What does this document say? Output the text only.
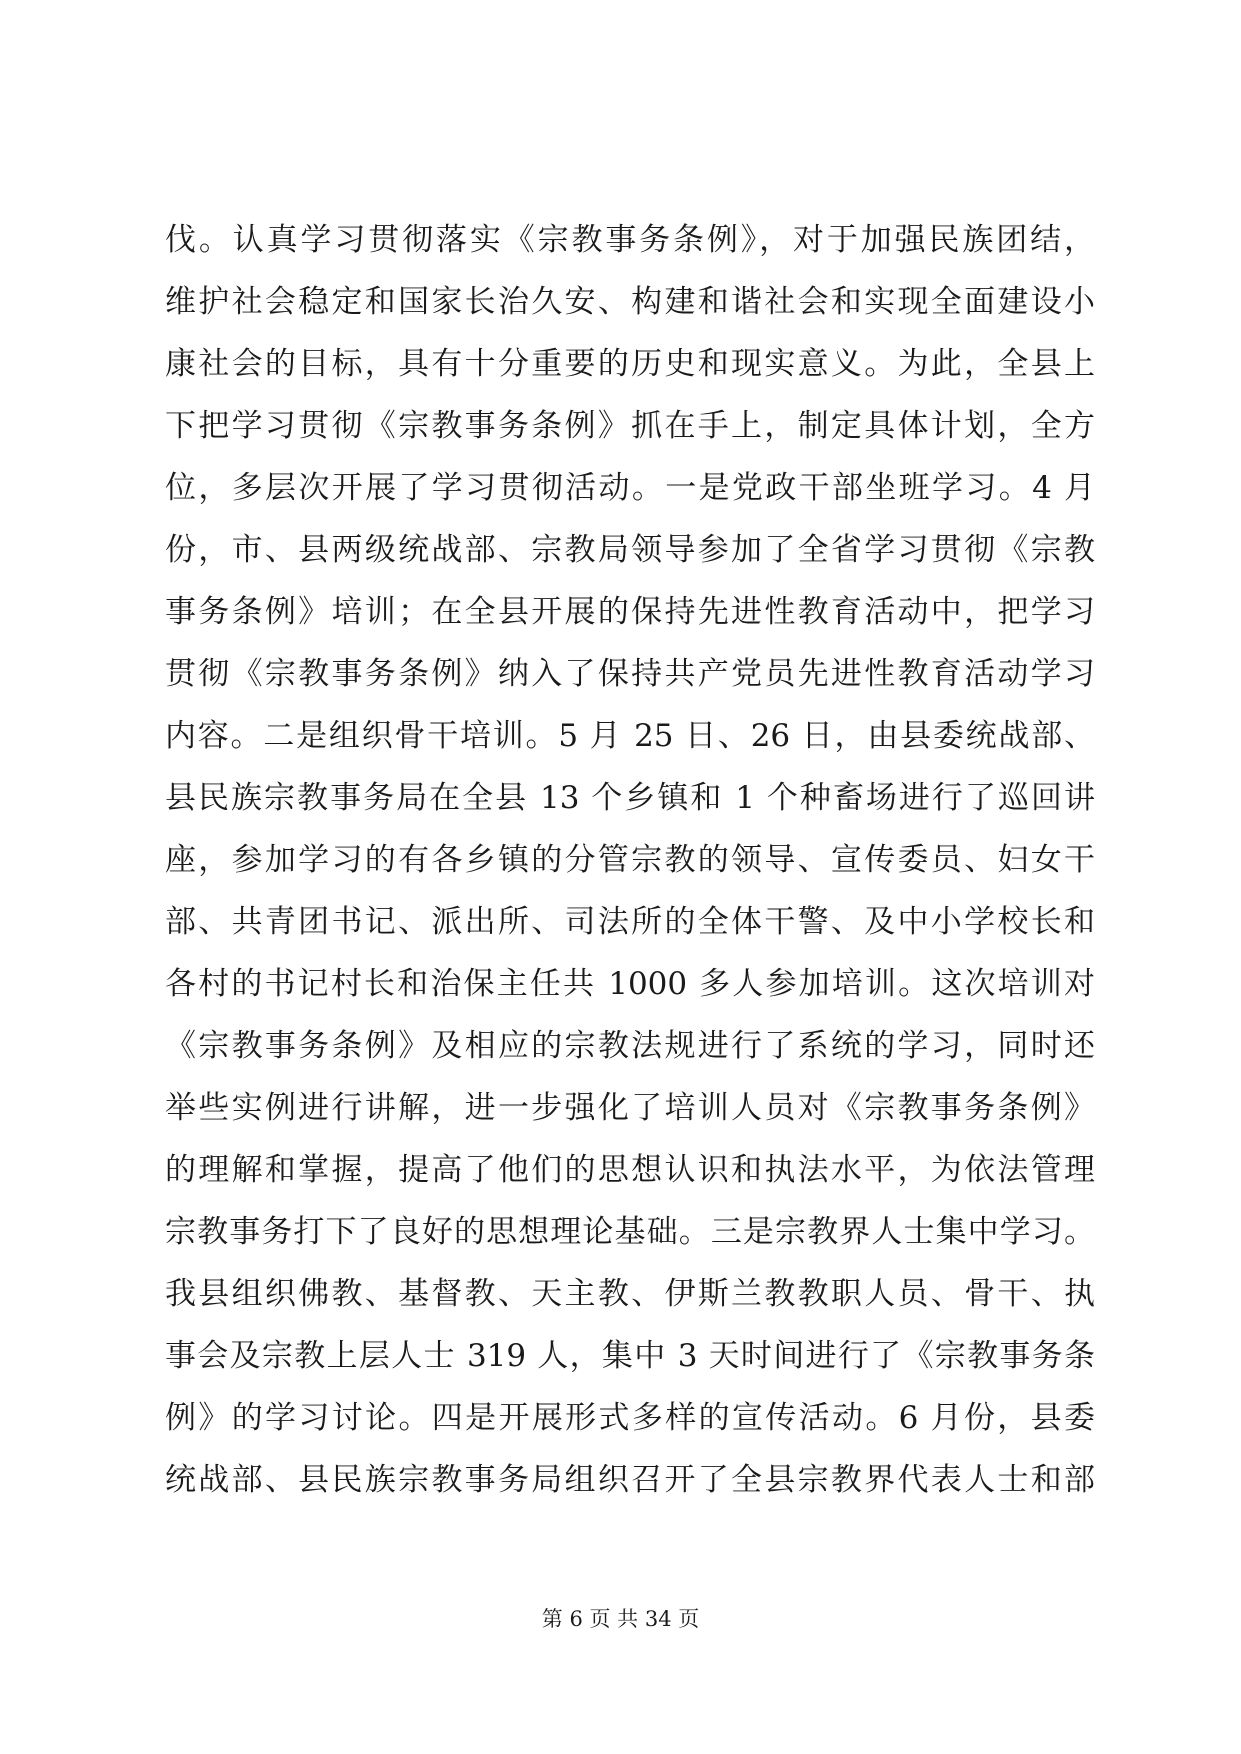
伐。认真学习贯彻落实《宗教事务条例》，对于加强民族团结，
维护社会稳定和国家长治久安、构建和谐社会和实现全面建设小
康社会的目标，具有十分重要的历史和现实意义。为此，全县上
下把学习贯彻《宗教事务条例》抓在手上，制定具体计划，全方
位，多层次开展了学习贯彻活动。一是党政干部坐班学习。4 月
份，市、县两级统战部、宗教局领导参加了全省学习贯彻《宗教
事务条例》培训；在全县开展的保持先进性教育活动中，把学习
贯彻《宗教事务条例》纳入了保持共产党员先进性教育活动学习
内容。二是组织骨干培训。5 月 25 日、26 日，由县委统战部、
县民族宗教事务局在全县 13 个乡镇和 1 个种畜场进行了巡回讲
座，参加学习的有各乡镇的分管宗教的领导、宣传委员、妇女干
部、共青团书记、派出所、司法所的全体干警、及中小学校长和
各村的书记村长和治保主任共 1000 多人参加培训。这次培训对
《宗教事务条例》及相应的宗教法规进行了系统的学习，同时还
举些实例进行讲解，进一步强化了培训人员对《宗教事务条例》
的理解和掌握，提高了他们的思想认识和执法水平，为依法管理
宗教事务打下了良好的思想理论基础。三是宗教界人士集中学习。
我县组织佛教、基督教、天主教、伊斯兰教教职人员、骨干、执
事会及宗教上层人士 319 人，集中 3 天时间进行了《宗教事务条
例》的学习讨论。四是开展形式多样的宣传活动。6 月份，县委
统战部、县民族宗教事务局组织召开了全县宗教界代表人士和部
第 6 页 共 34 页
